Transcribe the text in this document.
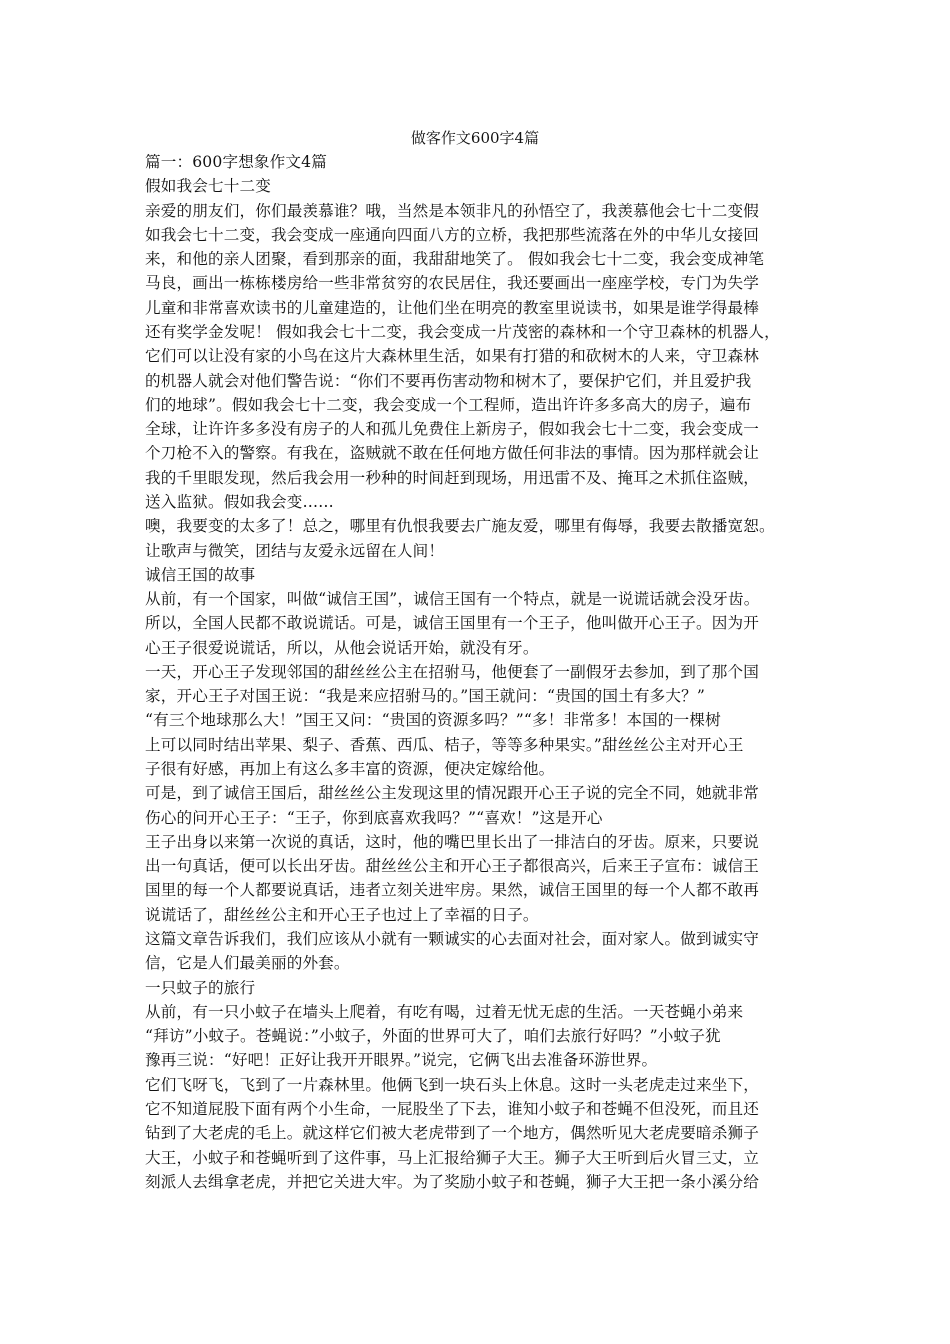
做客作文600字4篇
篇一：600字想象作文4篇
假如我会七十二变
亲爱的朋友们，你们最羡慕谁？哦，当然是本领非凡的孙悟空了，我羡慕他会七十二变假
如我会七十二变，我会变成一座通向四面八方的立桥，我把那些流落在外的中华儿女接回
来，和他的亲人团聚，看到那亲的面，我甜甜地笑了。 假如我会七十二变，我会变成神笔
马良，画出一栋栋楼房给一些非常贫穷的农民居住，我还要画出一座座学校，专门为失学
儿童和非常喜欢读书的儿童建造的，让他们坐在明亮的教室里说读书，如果是谁学得最棒
还有奖学金发呢！ 假如我会七十二变，我会变成一片茂密的森林和一个守卫森林的机器人，
它们可以让没有家的小鸟在这片大森林里生活，如果有打猎的和砍树木的人来，守卫森林
的机器人就会对他们警告说：“你们不要再伤害动物和树木了，要保护它们，并且爱护我
们的地球”。假如我会七十二变，我会变成一个工程师，造出许许多多高大的房子，遍布
全球，让许许多多没有房子的人和孤儿免费住上新房子，假如我会七十二变，我会变成一
个刀枪不入的警察。有我在，盗贼就不敢在任何地方做任何非法的事情。因为那样就会让
我的千里眼发现，然后我会用一秒种的时间赶到现场，用迅雷不及、掩耳之术抓住盗贼，
送入监狱。假如我会变……
噢，我要变的太多了！总之，哪里有仇恨我要去广施友爱，哪里有侮辱，我要去散播宽恕。
让歌声与微笑，团结与友爱永远留在人间！
诚信王国的故事
从前，有一个国家，叫做“诚信王国”，诚信王国有一个特点，就是一说谎话就会没牙齿。
所以，全国人民都不敢说谎话。可是，诚信王国里有一个王子，他叫做开心王子。因为开
心王子很爱说谎话，所以，从他会说话开始，就没有牙。
一天，开心王子发现邻国的甜丝丝公主在招驸马，他便套了一副假牙去参加，到了那个国
家，开心王子对国王说：“我是来应招驸马的。”国王就问：“贵国的国土有多大？”
“有三个地球那么大！”国王又问：“贵国的资源多吗？”“多！非常多！本国的一棵树
上可以同时结出苹果、梨子、香蕉、西瓜、桔子，等等多种果实。”甜丝丝公主对开心王
子很有好感，再加上有这么多丰富的资源，便决定嫁给他。
可是，到了诚信王国后，甜丝丝公主发现这里的情况跟开心王子说的完全不同，她就非常
伤心的问开心王子：“王子，你到底喜欢我吗？”“喜欢！”这是开心
王子出身以来第一次说的真话，这时，他的嘴巴里长出了一排洁白的牙齿。原来，只要说
出一句真话，便可以长出牙齿。甜丝丝公主和开心王子都很高兴，后来王子宣布：诚信王
国里的每一个人都要说真话，违者立刻关进牢房。果然，诚信王国里的每一个人都不敢再
说谎话了，甜丝丝公主和开心王子也过上了幸福的日子。
这篇文章告诉我们，我们应该从小就有一颗诚实的心去面对社会，面对家人。做到诚实守
信，它是人们最美丽的外套。
一只蚊子的旅行
从前，有一只小蚊子在墙头上爬着，有吃有喝，过着无忧无虑的生活。一天苍蝇小弟来
“拜访”小蚊子。苍蝇说：”小蚊子，外面的世界可大了，咱们去旅行好吗？”小蚊子犹
豫再三说：“好吧！正好让我开开眼界。”说完，它俩飞出去准备环游世界。
它们飞呀飞，飞到了一片森林里。他俩飞到一块石头上休息。这时一头老虎走过来坐下，
它不知道屁股下面有两个小生命，一屁股坐了下去，谁知小蚊子和苍蝇不但没死，而且还
钻到了大老虎的毛上。就这样它们被大老虎带到了一个地方，偶然听见大老虎要暗杀狮子
大王，小蚊子和苍蝇听到了这件事，马上汇报给狮子大王。狮子大王听到后火冒三丈，立
刻派人去缉拿老虎，并把它关进大牢。为了奖励小蚊子和苍蝇，狮子大王把一条小溪分给
